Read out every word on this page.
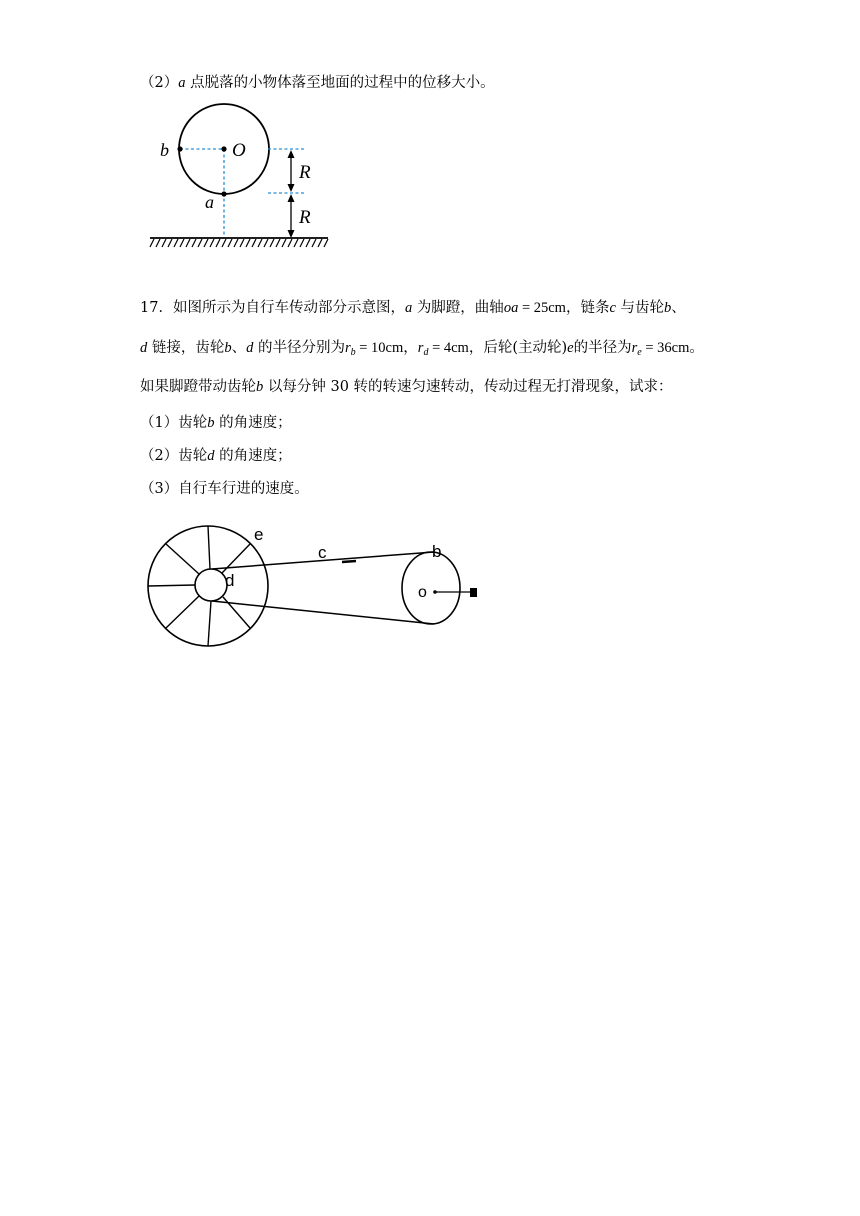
（2）a 点脱落的小物体落至地面的过程中的位移大小。
b	O
a
R
R
17．如图所示为自行车传动部分示意图，a 为脚蹬，曲轴oa = 25cm，链条c 与齿轮b、
d 链接，齿轮b、d 的半径分别为$r_b = 10cm$，$r_d = 4cm$，后轮(主动轮)e的半径为$r_e = 36cm$。
如果脚蹬带动齿轮b 以每分钟 30 转的转速匀速转动，传动过程无打滑现象，试求：
（1）齿轮b 的角速度；
（2）齿轮d 的角速度；
（3）自行车行进的速度。
e
c	b
d
o
